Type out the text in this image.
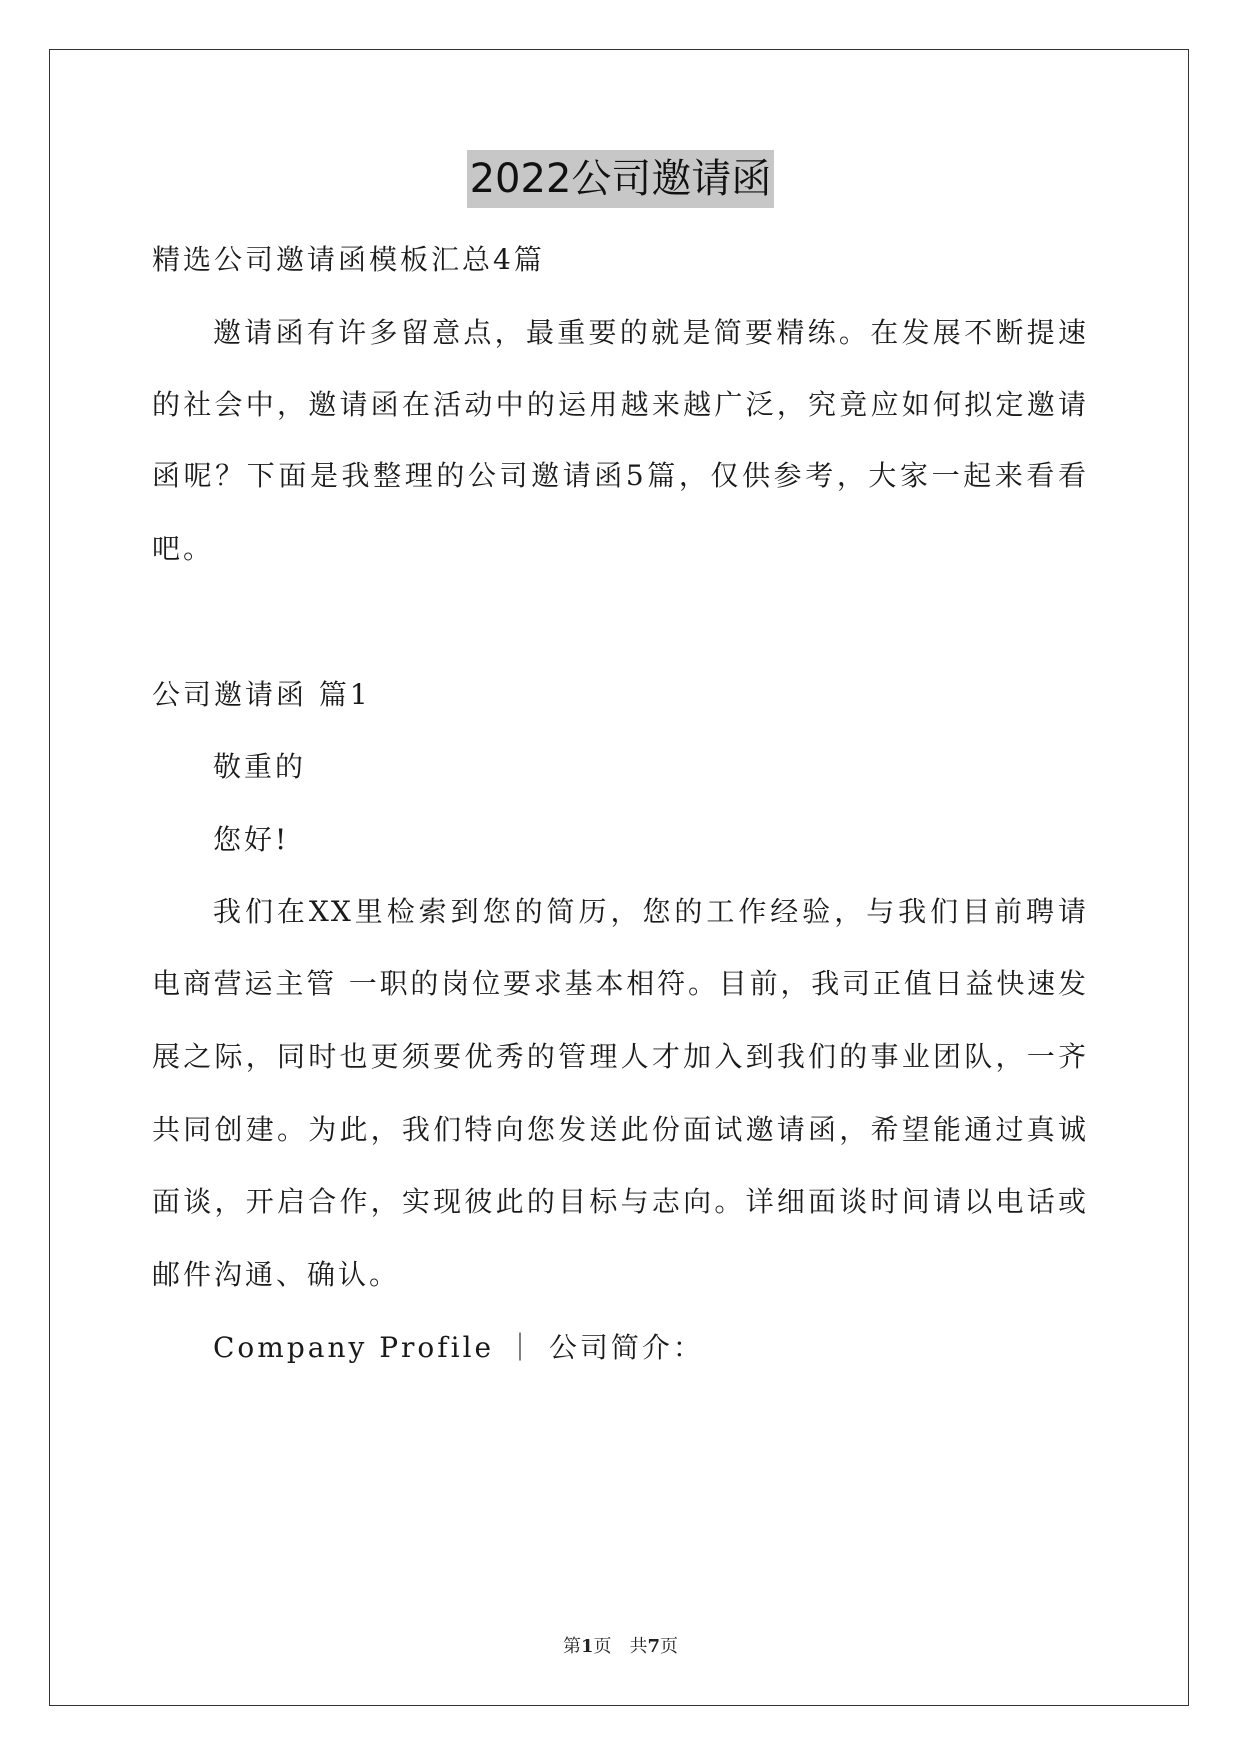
2022公司邀请函
精选公司邀请函模板汇总4篇
邀请函有许多留意点，最重要的就是简要精练。在发展不断提速
的社会中，邀请函在活动中的运用越来越广泛，究竟应如何拟定邀请
函呢？下面是我整理的公司邀请函5篇，仅供参考，大家一起来看看
吧。
公司邀请函 篇1
敬重的
您好!
我们在XX里检索到您的简历，您的工作经验，与我们目前聘请
电商营运主管 一职的岗位要求基本相符。目前，我司正值日益快速发
展之际，同时也更须要优秀的管理人才加入到我们的事业团队，一齐
共同创建。为此，我们特向您发送此份面试邀请函，希望能通过真诚
面谈，开启合作，实现彼此的目标与志向。详细面谈时间请以电话或
邮件沟通、确认。
Company Profile ｜ 公司简介：
第1页 共7页
